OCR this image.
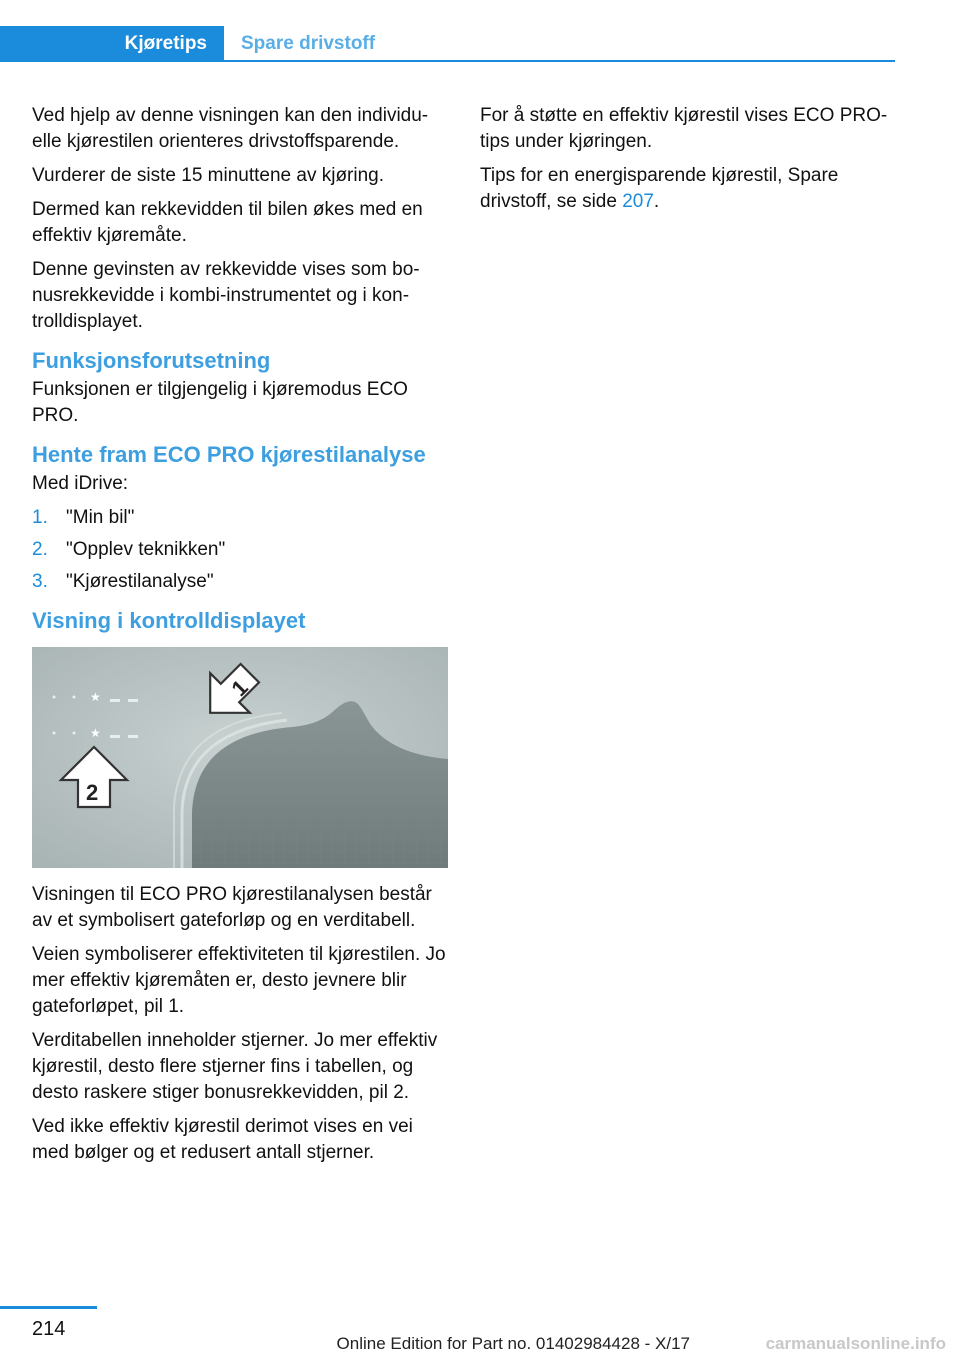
Kjøretips Spare drivstoff

Ved hjelp av denne visningen kan den individuelle kjørestilen orienteres drivstoffsparende.

Vurderer de siste 15 minuttene av kjøring.

Dermed kan rekkevidden til bilen økes med en effektiv kjøremåte.

Denne gevinsten av rekkevidde vises som bonusrekkevidde i kombi-instrumentet og i kontrolldisplayet.

Funksjonsforutsetning

Funksjonen er tilgjengelig i kjøremodus ECO PRO.

Hente fram ECO PRO kjørestilanalyse

Med iDrive:

1. "Min bil"
2. "Opplev teknikken"
3. "Kjørestilanalyse"
Visning i kontrolldisplayet
★
★
1
2

Visningen til ECO PRO kjørestilanalysen består av et symbolisert gateforløp og en verditabell.

Veien symboliserer effektiviteten til kjørestilen. Jo mer effektiv kjøremåten er, desto jevnere blir gateforløpet, pil 1.

Verditabellen inneholder stjerner. Jo mer effektiv kjørestil, desto flere stjerner fins i tabellen, og desto raskere stiger bonusrekkevidden, pil 2.

Ved ikke effektiv kjørestil derimot vises en vei med bølger og et redusert antall stjerner.

For å støtte en effektiv kjørestil vises ECO PRO-tips under kjøringen.

Tips for en energisparende kjørestil, Spare drivstoff, se side 207.

214
Online Edition for Part no. 01402984428 - X/17	carmanualsonline.info
